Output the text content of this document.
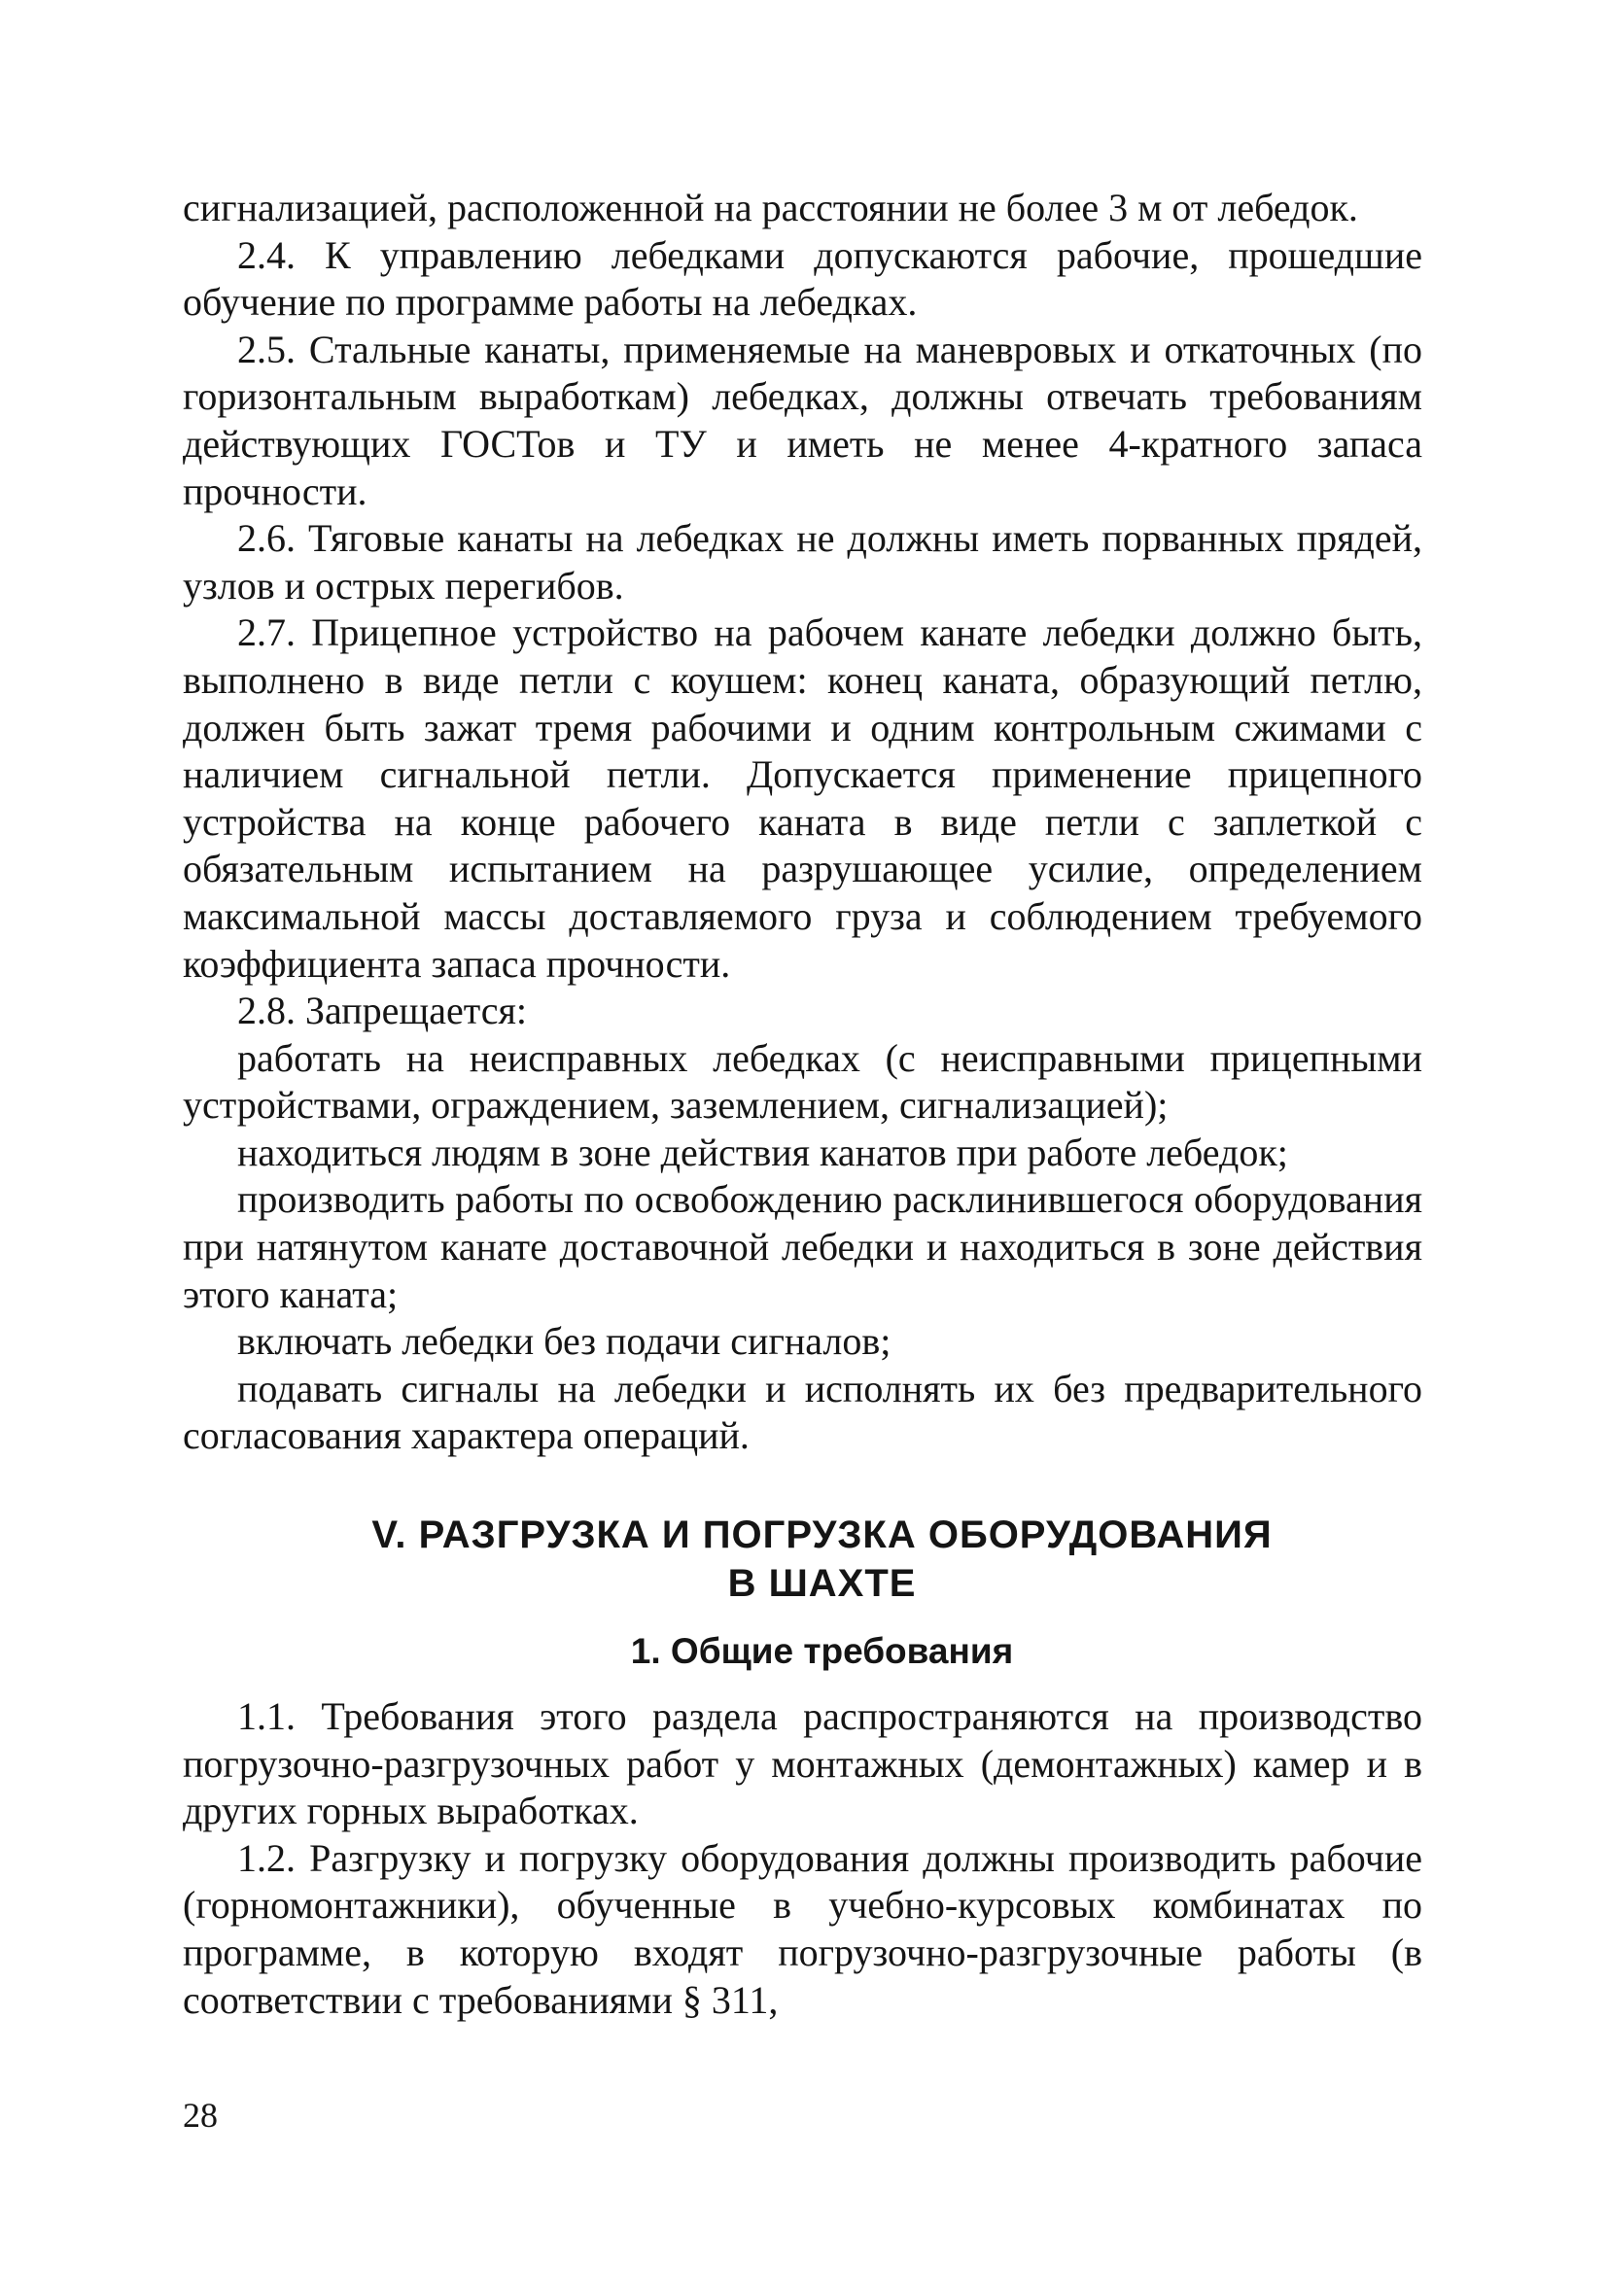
сигнализацией, расположенной на расстоянии не более 3 м от лебедок.

2.4. К управлению лебедками допускаются рабочие, прошедшие обучение по программе работы на лебедках.

2.5. Стальные канаты, применяемые на маневровых и откаточных (по горизонтальным выработкам) лебедках, должны отвечать требованиям действующих ГОСТов и ТУ и иметь не менее 4-кратного запаса прочности.

2.6. Тяговые канаты на лебедках не должны иметь порванных прядей, узлов и острых перегибов.

2.7. Прицепное устройство на рабочем канате лебедки должно быть, выполнено в виде петли с коушем: конец каната, образующий петлю, должен быть зажат тремя рабочими и одним контрольным сжимами с наличием сигнальной петли. Допускается применение прицепного устройства на конце рабочего каната в виде петли с заплеткой с обязательным испытанием на разрушающее усилие, определением максимальной массы доставляемого груза и соблюдением требуемого коэффициента запаса прочности.

2.8. Запрещается:

работать на неисправных лебедках (с неисправными прицепными устройствами, ограждением, заземлением, сигнализацией);

находиться людям в зоне действия канатов при работе лебедок;

производить работы по освобождению расклинившегося оборудования при натянутом канате доставочной лебедки и находиться в зоне действия этого каната;

включать лебедки без подачи сигналов;

подавать сигналы на лебедки и исполнять их без предварительного согласования характера операций.

V. РАЗГРУЗКА И ПОГРУЗКА ОБОРУДОВАНИЯ
В ШАХТЕ
1. Общие требования

1.1. Требования этого раздела распространяются на производство погрузочно-разгрузочных работ у монтажных (демонтажных) камер и в других горных выработках.

1.2. Разгрузку и погрузку оборудования должны производить рабочие (горномонтажники), обученные в учебно-курсовых комбинатах по программе, в которую входят погрузочно-разгрузочные работы (в соответствии с требованиями § 311,

28
